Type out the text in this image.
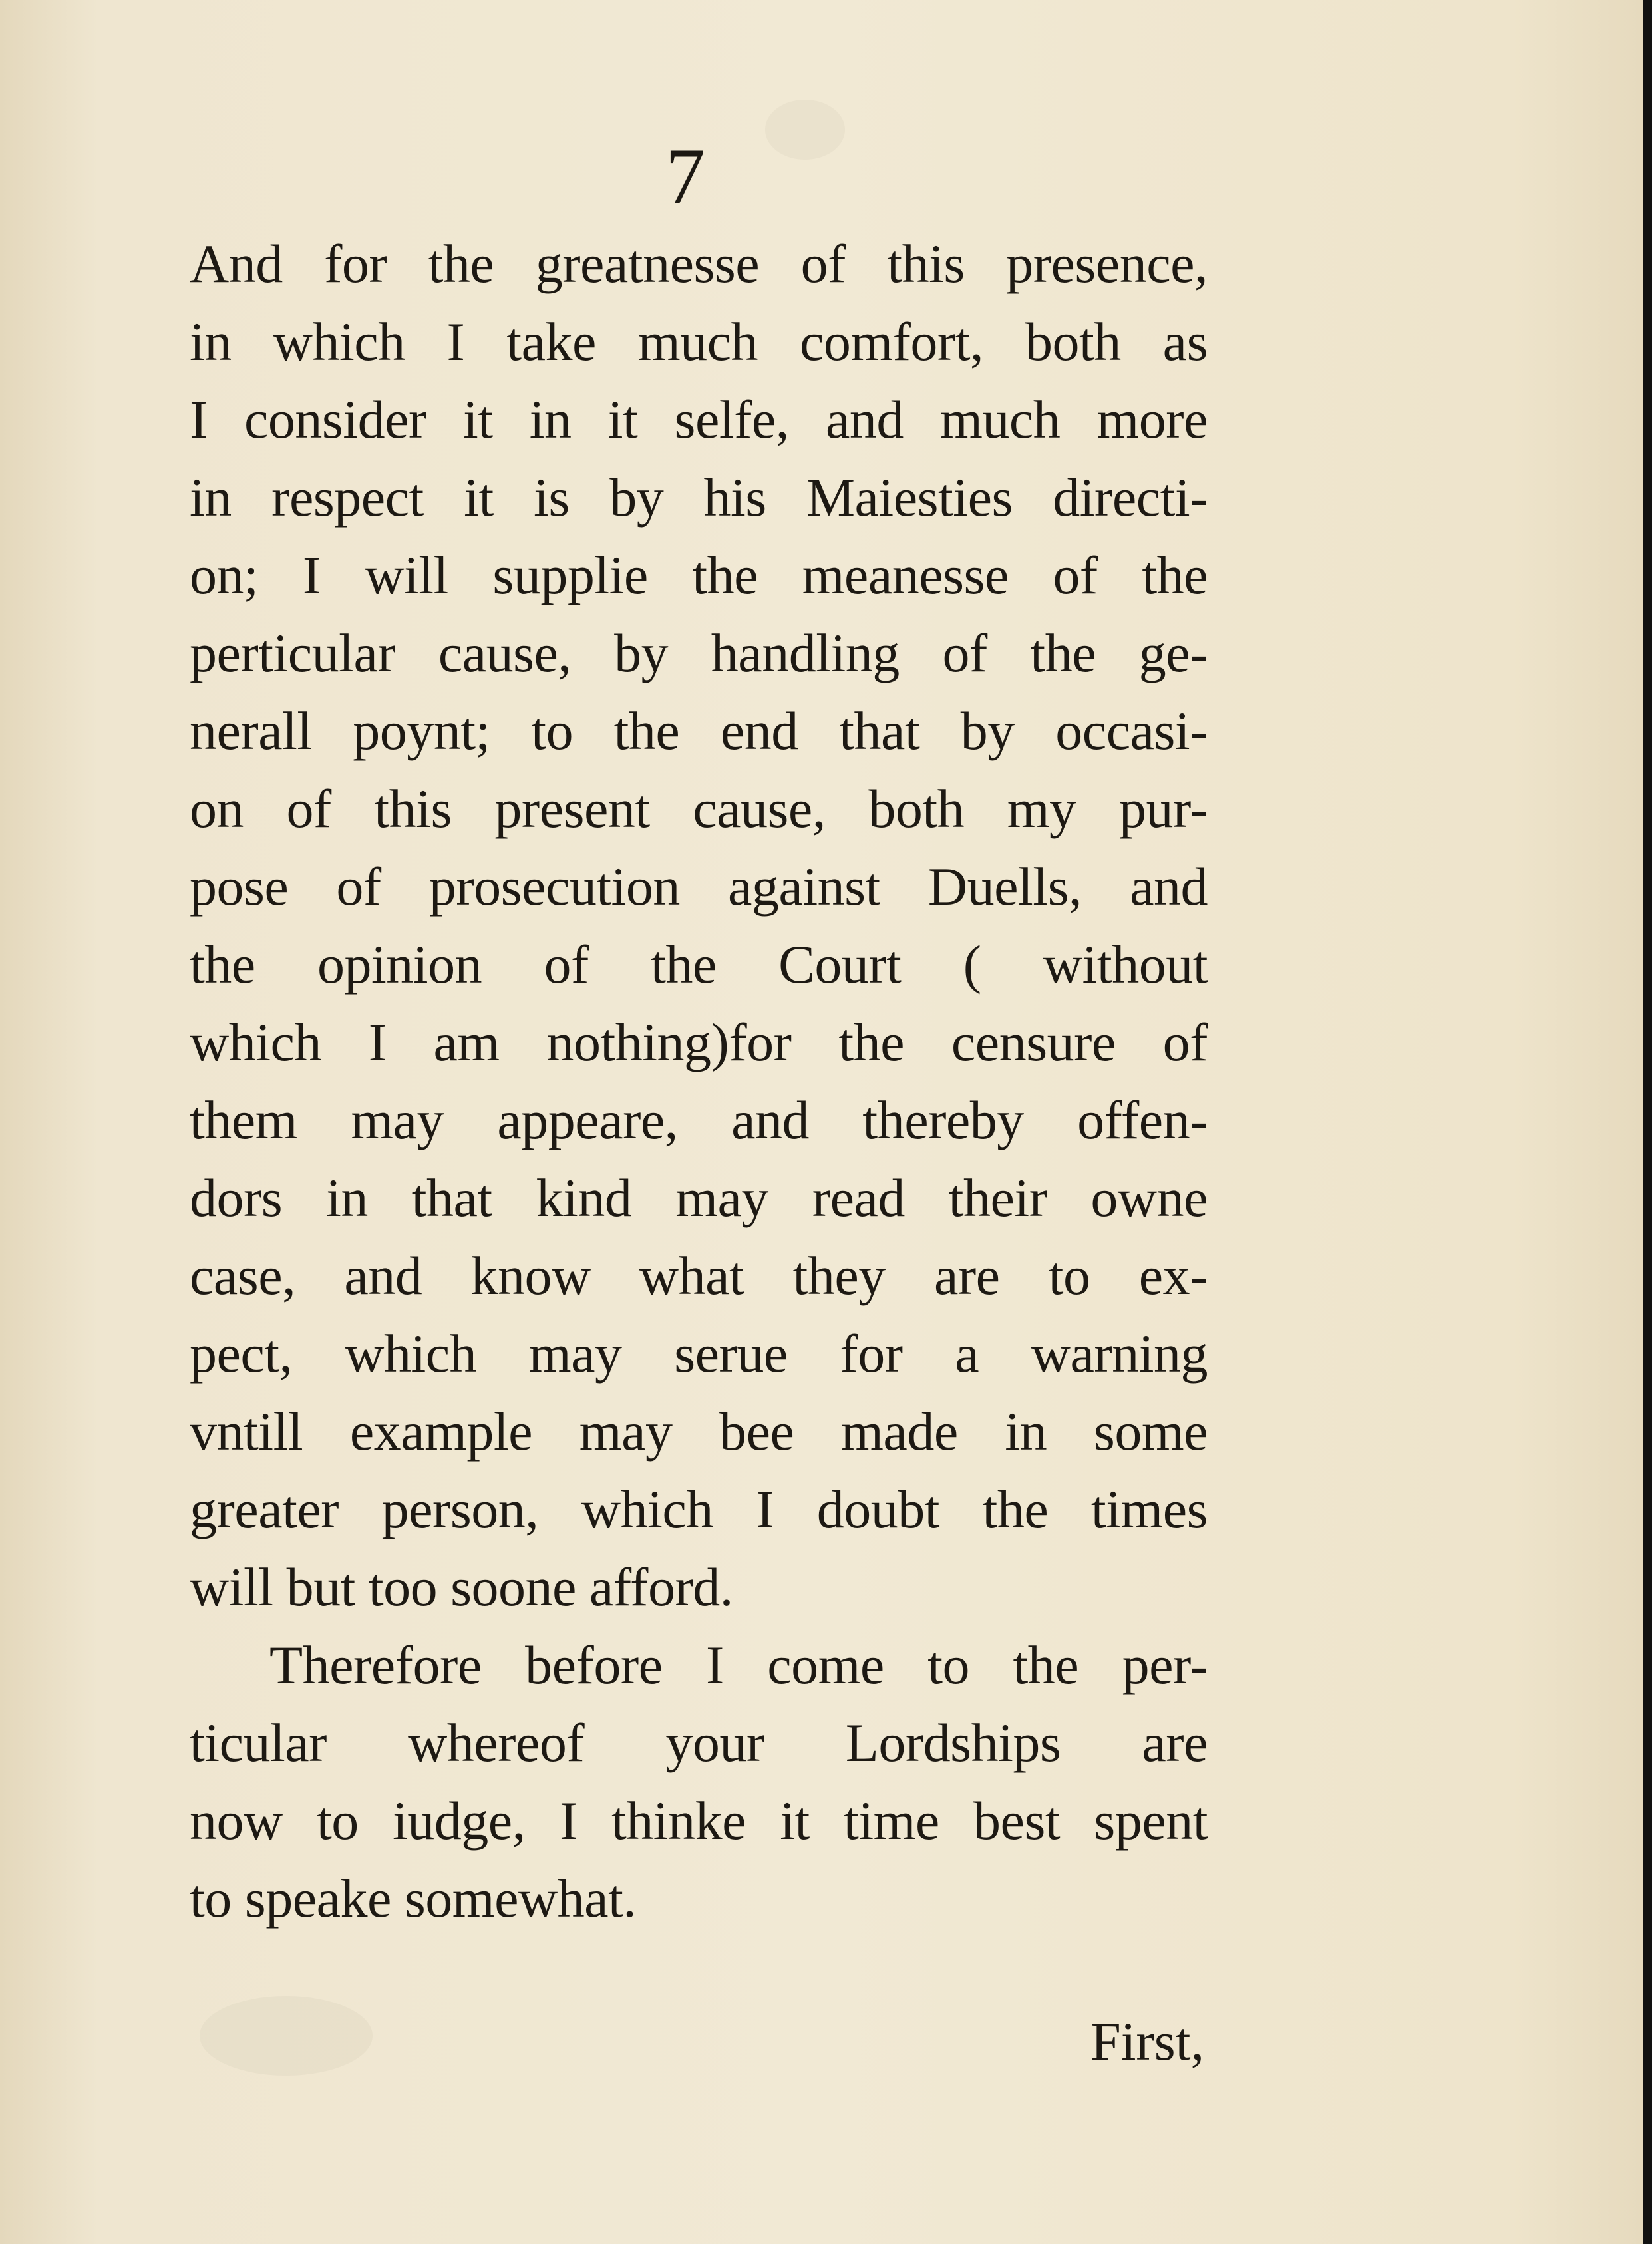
7
And for the greatnesse of this presence,
in which I take much comfort, both as
I consider it in it selfe, and much more
in respect it is by his Maiesties directi-
on; I will supplie the meanesse of the
perticular cause, by handling of the ge-
nerall poynt; to the end that by occasi-
on of this present cause, both my pur-
pose of prosecution against Duells, and
the opinion of the Court ( without
which I am nothing)for the censure of
them may appeare, and thereby offen-
dors in that kind may read their owne
case, and know what they are to ex-
pect, which may serue for a warning
vntill example may bee made in some
greater person, which I doubt the times
will but too soone afford.
Therefore before I come to the per-
ticular whereof your Lordships are
now to iudge, I thinke it time best spent
to speake somewhat.
First,
